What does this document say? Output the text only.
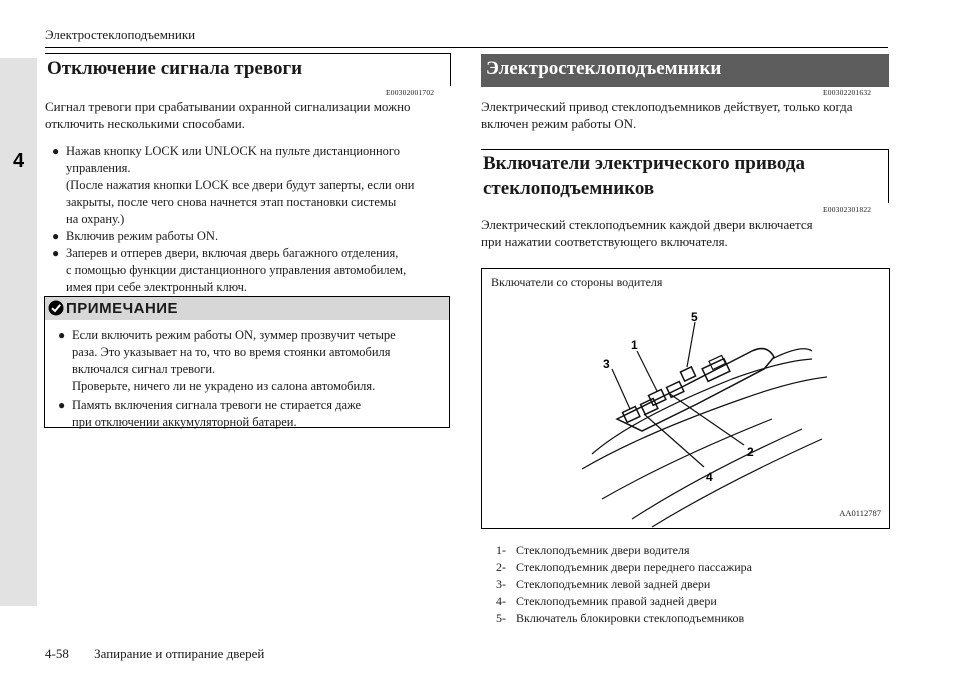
4
Электростеклоподъемники
Отключение сигнала тревоги
E00302001702
Сигнал тревоги при срабатывании охранной сигнализации можно
отключить несколькими способами.
● Нажав кнопку LOCK или UNLOCK на пульте дистанционного
управления.
(После нажатия кнопки LOCK все двери будут заперты, если они
закрыты, после чего снова начнется этап постановки системы
на охрану.)
● Включив режим работы ON.
● Заперев и отперев двери, включая дверь багажного отделения,
с помощью функции дистанционного управления автомобилем,
имея при себе электронный ключ.
ПРИМЕЧАНИЕ
● Если включить режим работы ON, зуммер прозвучит четыре
раза. Это указывает на то, что во время стоянки автомобиля
включался сигнал тревоги.
Проверьте, ничего ли не украдено из салона автомобиля.
● Память включения сигнала тревоги не стирается даже
при отключении аккумуляторной батареи.
Электростеклоподъемники
E00302201632
Электрический привод стеклоподъемников действует, только когда
включен режим работы ON.
Включатели электрического привода
стеклоподъемников
E00302301822
Электрический стеклоподъемник каждой двери включается
при нажатии соответствующего включателя.
Включатели со стороны водителя
1
2
3
4
5
AA0112787
1- Стеклоподъемник двери водителя
2- Стеклоподъемник двери переднего пассажира
3- Стеклоподъемник левой задней двери
4- Стеклоподъемник правой задней двери
5- Включатель блокировки стеклоподъемников
4-58 Запирание и отпирание дверей
